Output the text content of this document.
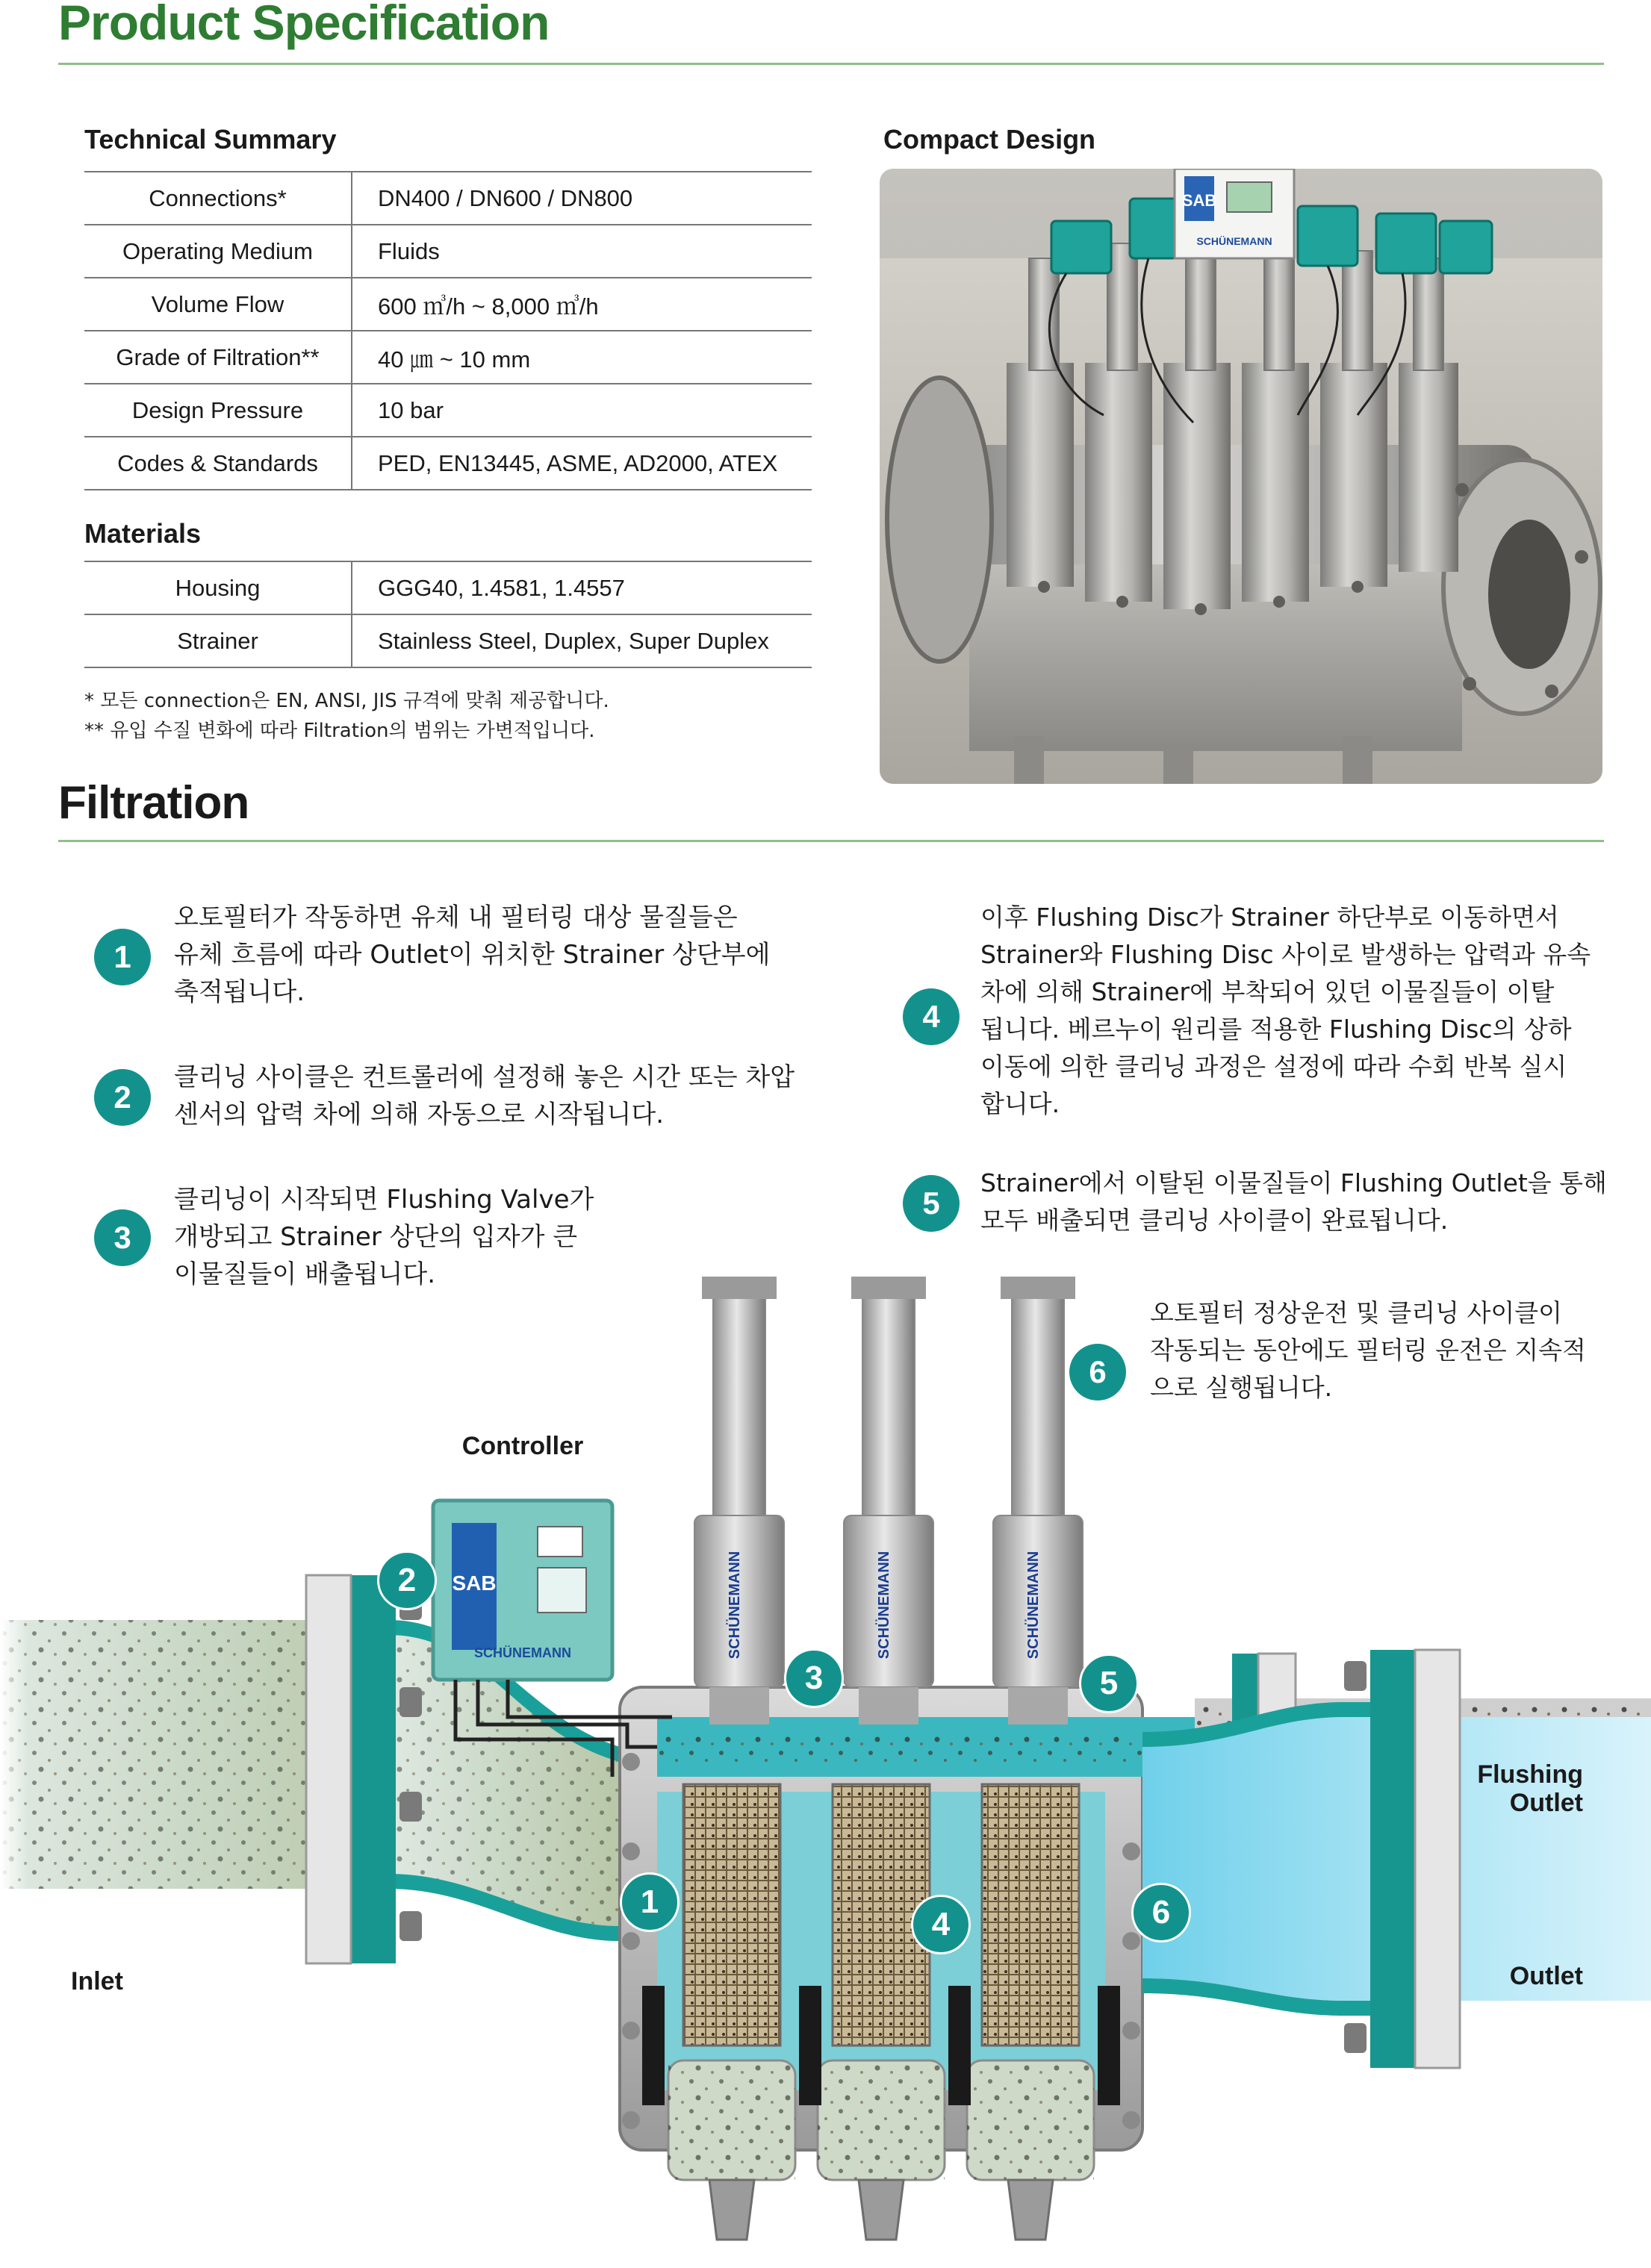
Product Specification
Technical Summary	Compact Design
Connections*	DN400 / DN600 / DN800
Operating Medium	Fluids
Volume Flow	600 ㎥/h ~ 8,000 ㎥/h
Grade of Filtration**	40 ㎛ ~ 10 mm
Design Pressure	10 bar
Codes & Standards	PED, EN13445, ASME, AD2000, ATEX
Materials
Housing	GGG40, 1.4581, 1.4557
Strainer	Stainless Steel, Duplex, Super Duplex
* 모든 connection은 EN, ANSI, JIS 규격에 맞춰 제공합니다.
** 유입 수질 변화에 따라 Filtration의 범위는 가변적입니다.
SAB
SCHÜNEMANN
Filtration
1
오토필터가 작동하면 유체 내 필터링 대상 물질들은
유체 흐름에 따라 Outlet이 위치한 Strainer 상단부에
축적됩니다.
2
클리닝 사이클은 컨트롤러에 설정해 놓은 시간 또는 차압
센서의 압력 차에 의해 자동으로 시작됩니다.
3
클리닝이 시작되면 Flushing Valve가
개방되고 Strainer 상단의 입자가 큰
이물질들이 배출됩니다.
4
이후 Flushing Disc가 Strainer 하단부로 이동하면서
Strainer와 Flushing Disc 사이로 발생하는 압력과 유속
차에 의해 Strainer에 부착되어 있던 이물질들이 이탈
됩니다. 베르누이 원리를 적용한 Flushing Disc의 상하
이동에 의한 클리닝 과정은 설정에 따라 수회 반복 실시
합니다.
5
Strainer에서 이탈된 이물질들이 Flushing Outlet을 통해
모두 배출되면 클리닝 사이클이 완료됩니다.
6
오토필터 정상운전 및 클리닝 사이클이
작동되는 동안에도 필터링 운전은 지속적
으로 실행됩니다.
SCHÜNEMANN	SCHÜNEMANN	SCHÜNEMANN
SAB
SCHÜNEMANN
Controller
Inlet	Outlet
Flushing
Outlet
1
2
3
4
5
6
